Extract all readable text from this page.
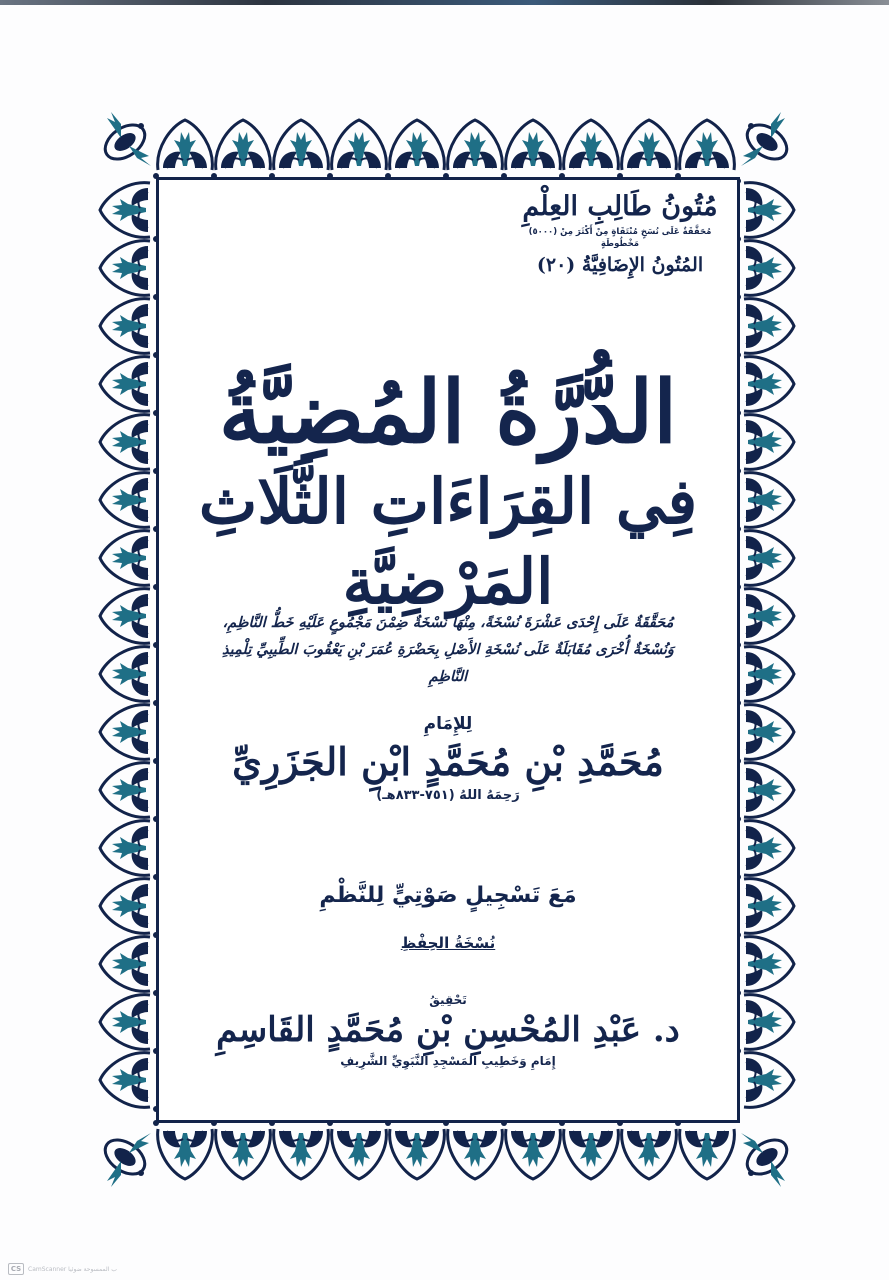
مُتُونُ طَالِبِ العِلْمِ
مُحَقَّقَةٌ عَلَى نُسَخٍ مُنْتَقَاةٍ مِنْ أَكْثَرَ مِنْ (٥٠٠٠) مَخْطُوطَةٍ
المُتُونُ الإِضَافِيَّةُ (٢٠)
الدُّرَّةُ المُضِيَّةُ
فِي القِرَاءَاتِ الثَّلَاثِ المَرْضِيَّةِ
مُحَقَّقَةٌ عَلَى إِحْدَى عَشْرَةَ نُسْخَةً، مِنْهَا نُسْخَةٌ ضِمْنَ مَجْمُوعٍ عَلَيْهِ خَطُّ النَّاظِمِ،
وَنُسْخَةٌ أُخْرَى مُقَابَلَةٌ عَلَى نُسْخَةِ الأَصْلِ بِحَضْرَةِ عُمَرَ بْنِ يَعْقُوبَ الطِّيبِيِّ تِلْمِيذِ النَّاظِمِ
لِلإِمَامِ
مُحَمَّدِ بْنِ مُحَمَّدٍ ابْنِ الجَزَرِيِّ
رَحِمَهُ اللهُ (٧٥١-٨٣٣هـ)
مَعَ تَسْجِيلٍ صَوْتِيٍّ لِلنَّظْمِ
نُسْخَةُ الحِفْظِ
تَحْقِيقُ
د. عَبْدِ المُحْسِنِ بْنِ مُحَمَّدٍ القَاسِمِ
إِمَامِ وَخَطِيبِ المَسْجِدِ النَّبَوِيِّ الشَّرِيفِ
CS	CamScanner ب الممسوحة ضوئيا
